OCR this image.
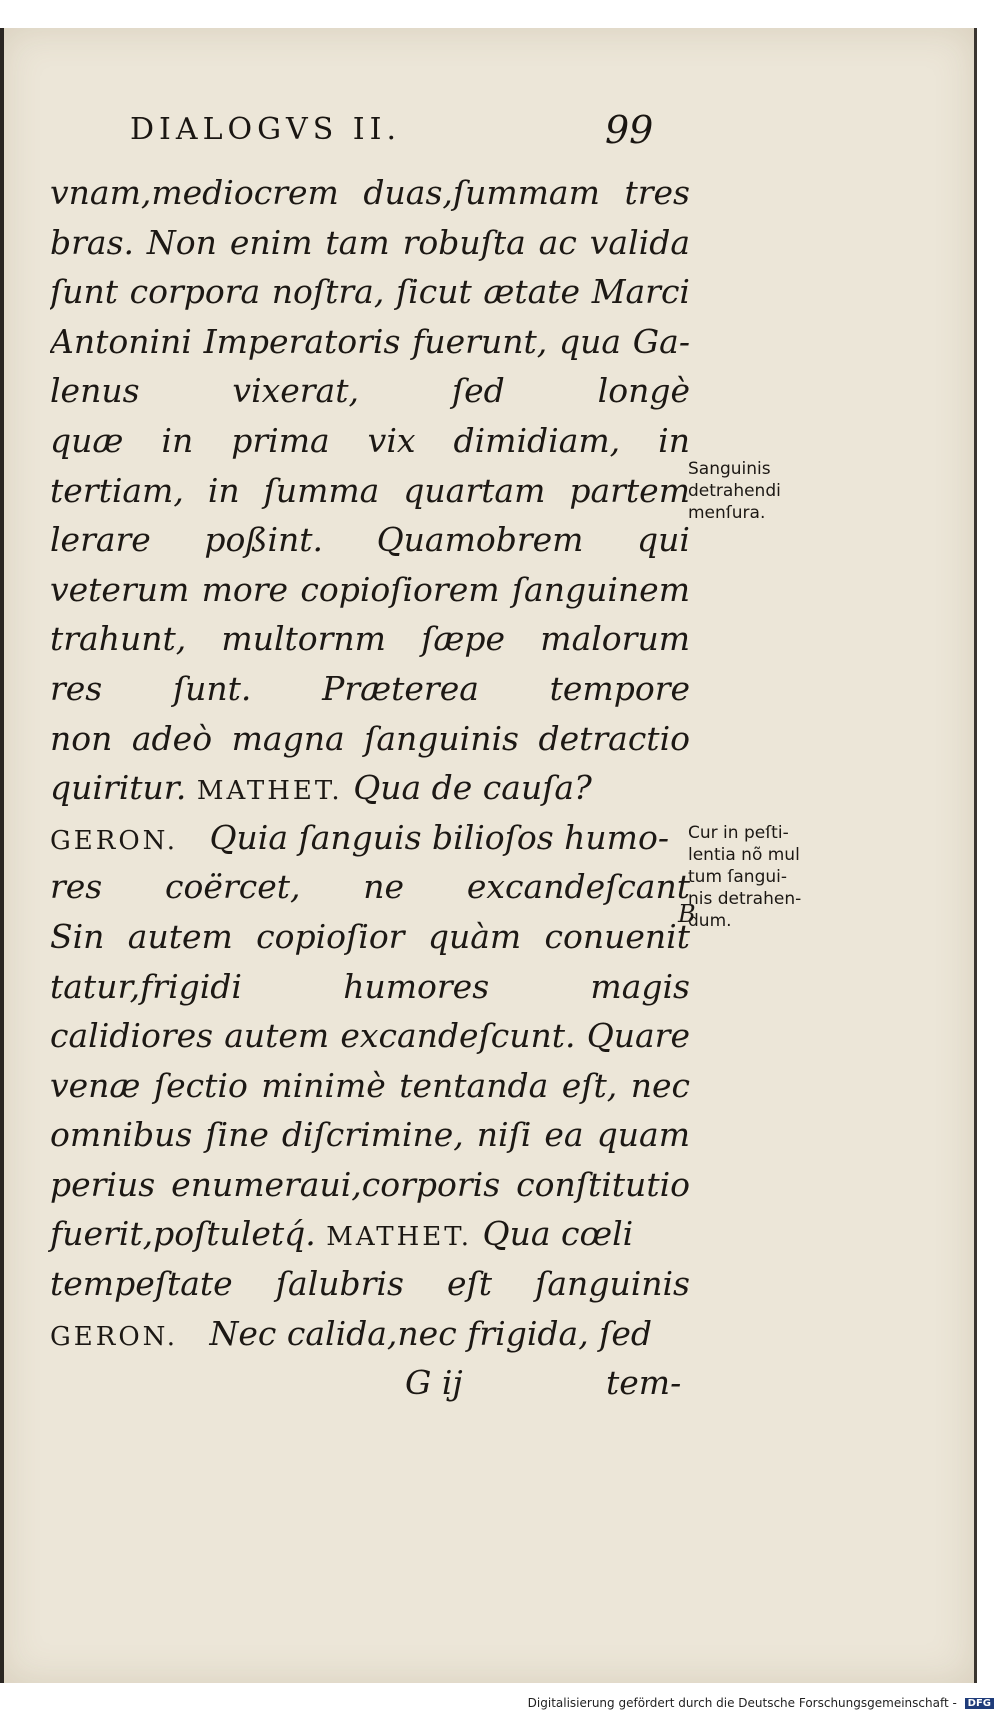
DIALOGVS II.	99
vnam,mediocrem duas,ſummam tres
bras. Non enim tam robuſta ac valida
ſunt corpora noſtra, ſicut ætate Marci
Antonini Imperatoris fuerunt, qua Ga-
lenus vixerat, ſed longè
quæ in prima vix dimidiam, in
tertiam, in ſumma quartam partem
lerare poßint. Quamobrem qui
veterum more copioſiorem ſanguinem
trahunt, multornm ſæpe malorum
res ſunt. Præterea tempore
non adeò magna ſanguinis detractio
quiritur. MATHET. Qua de cauſa?
GERON. Quia ſanguis bilioſos humo-
res coërcet, ne excandeſcant
Sin autem copioſior quàm conuenit
tatur,frigidi humores magis
calidiores autem excandeſcunt. Quare
venæ ſectio minimè tentanda eſt, nec
omnibus ſine diſcrimine, niſi ea quam
perius enumeraui,corporis conſtitutio
fuerit,poſtuletq́. MATHET. Qua cœli
tempeſtate ſalubris eſt ſanguinis
GERON. Nec calida,nec frigida, ſed
G ij	tem-
Sanguinis
detrahendi
menſura.
Cur in peſti-
lentia nõ mul
tum ſangui-
nis detrahen-
dum.
B
Digitalisierung gefördert durch die Deutsche Forschungsgemeinschaft - DFG
